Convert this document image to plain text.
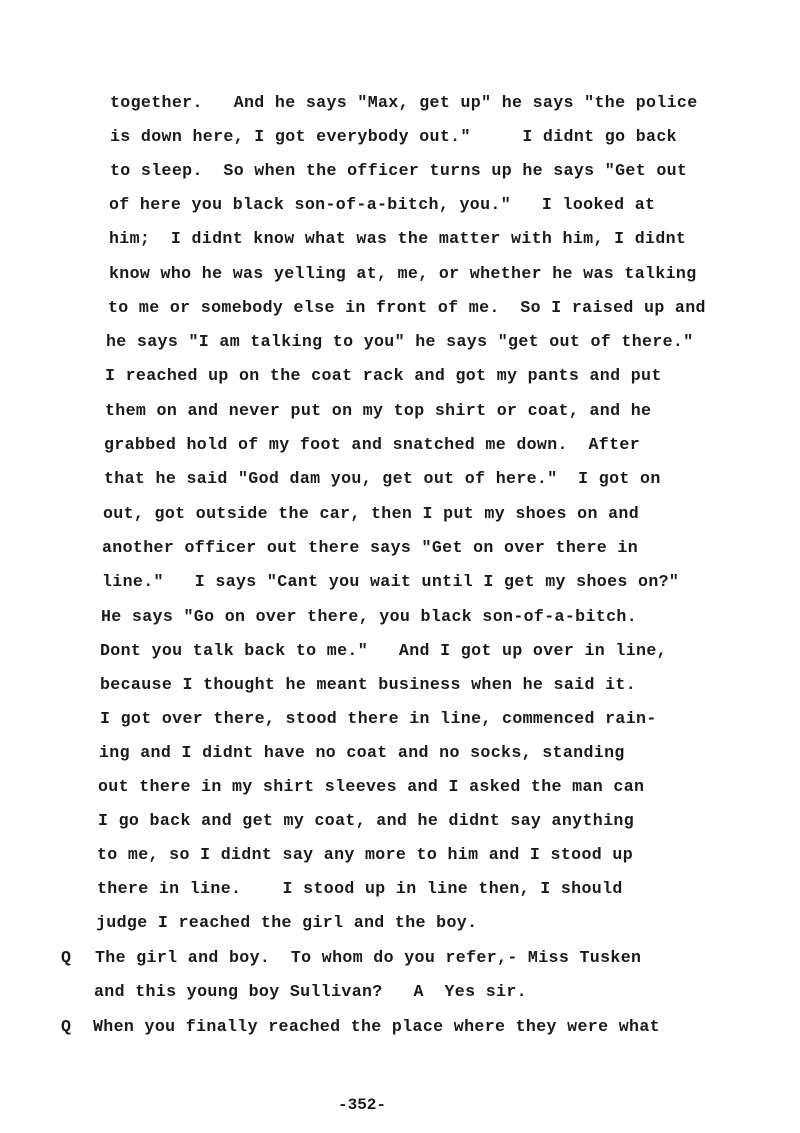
together.   And he says "Max, get up" he says "the police
is down here, I got everybody out."     I didnt go back
to sleep.  So when the officer turns up he says "Get out
of here you black son-of-a-bitch, you."   I looked at
him;  I didnt know what was the matter with him, I didnt
know who he was yelling at, me, or whether he was talking
to me or somebody else in front of me.  So I raised up and
he says "I am talking to you" he says "get out of there."
I reached up on the coat rack and got my pants and put
them on and never put on my top shirt or coat, and he
grabbed hold of my foot and snatched me down.  After
that he said "God dam you, get out of here."  I got on
out, got outside the car, then I put my shoes on and
another officer out there says "Get on over there in
line."   I says "Cant you wait until I get my shoes on?"
He says "Go on over there, you black son-of-a-bitch.
Dont you talk back to me."   And I got up over in line,
because I thought he meant business when he said it.
I got over there, stood there in line, commenced rain-
ing and I didnt have no coat and no socks, standing
out there in my shirt sleeves and I asked the man can
I go back and get my coat, and he didnt say anything
to me, so I didnt say any more to him and I stood up
there in line.    I stood up in line then, I should
judge I reached the girl and the boy.
Q The girl and boy.  To whom do you refer,- Miss Tusken
and this young boy Sullivan?   A  Yes sir.
Q When you finally reached the place where they were what
-352-
